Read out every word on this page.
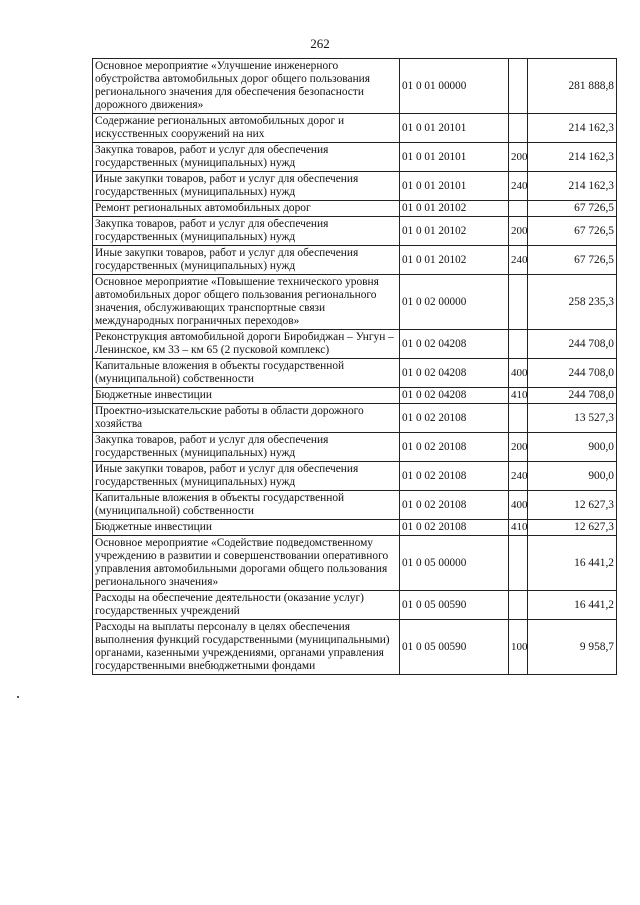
262
Основное мероприятие «Улучшение инженерного обустройства автомобильных дорог общего пользования регионального значения для обеспечения безопасности дорожного движения»	01 0 01 00000		281 888,8
Содержание региональных автомобильных дорог и искусственных сооружений на них	01 0 01 20101		214 162,3
Закупка товаров, работ и услуг для обеспечения государственных (муниципальных) нужд	01 0 01 20101	200	214 162,3
Иные закупки товаров, работ и услуг для обеспечения государственных (муниципальных) нужд	01 0 01 20101	240	214 162,3
Ремонт региональных автомобильных дорог	01 0 01 20102		67 726,5
Закупка товаров, работ и услуг для обеспечения государственных (муниципальных) нужд	01 0 01 20102	200	67 726,5
Иные закупки товаров, работ и услуг для обеспечения государственных (муниципальных) нужд	01 0 01 20102	240	67 726,5
Основное мероприятие «Повышение технического уровня автомобильных дорог общего пользования регионального значения, обслуживающих транспортные связи международных пограничных переходов»	01 0 02 00000		258 235,3
Реконструкция автомобильной дороги Биробиджан – Унгун – Ленинское, км 33 – км 65 (2 пусковой комплекс)	01 0 02 04208		244 708,0
Капитальные вложения в объекты государственной (муниципальной) собственности	01 0 02 04208	400	244 708,0
Бюджетные инвестиции	01 0 02 04208	410	244 708,0
Проектно-изыскательские работы в области дорожного хозяйства	01 0 02 20108		13 527,3
Закупка товаров, работ и услуг для обеспечения государственных (муниципальных) нужд	01 0 02 20108	200	900,0
Иные закупки товаров, работ и услуг для обеспечения государственных (муниципальных) нужд	01 0 02 20108	240	900,0
Капитальные вложения в объекты государственной (муниципальной) собственности	01 0 02 20108	400	12 627,3
Бюджетные инвестиции	01 0 02 20108	410	12 627,3
Основное мероприятие «Содействие подведомственному учреждению в развитии и совершенствовании оперативного управления автомобильными дорогами общего пользования регионального значения»	01 0 05 00000		16 441,2
Расходы на обеспечение деятельности (оказание услуг) государственных учреждений	01 0 05 00590		16 441,2
Расходы на выплаты персоналу в целях обеспечения выполнения функций государственными (муниципальными) органами, казенными учреждениями, органами управления государственными внебюджетными фондами	01 0 05 00590	100	9 958,7
